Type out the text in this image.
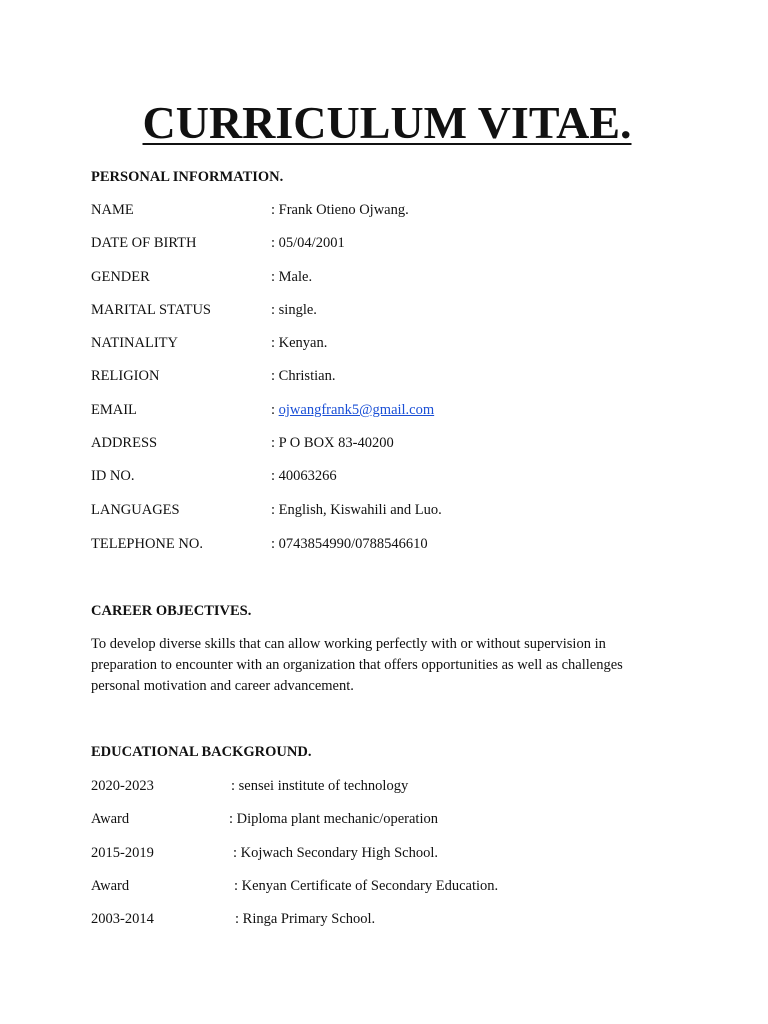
CURRICULUM VITAE.
PERSONAL INFORMATION.
NAME	: Frank Otieno Ojwang.
DATE OF BIRTH	: 05/04/2001
GENDER	: Male.
MARITAL STATUS	: single.
NATINALITY	: Kenyan.
RELIGION	: Christian.
EMAIL	: ojwangfrank5@gmail.com
ADDRESS	: P O BOX 83-40200
ID NO.	: 40063266
LANGUAGES	: English, Kiswahili and Luo.
TELEPHONE NO.	: 0743854990/0788546610
CAREER OBJECTIVES.
To develop diverse skills that can allow working perfectly with or without supervision in
preparation to encounter with an organization that offers opportunities as well as challenges
personal motivation and career advancement.
EDUCATIONAL BACKGROUND.
2020-2023	: sensei institute of technology
Award	: Diploma plant mechanic/operation
2015-2019	: Kojwach Secondary High School.
Award	: Kenyan Certificate of Secondary Education.
2003-2014	: Ringa Primary School.
